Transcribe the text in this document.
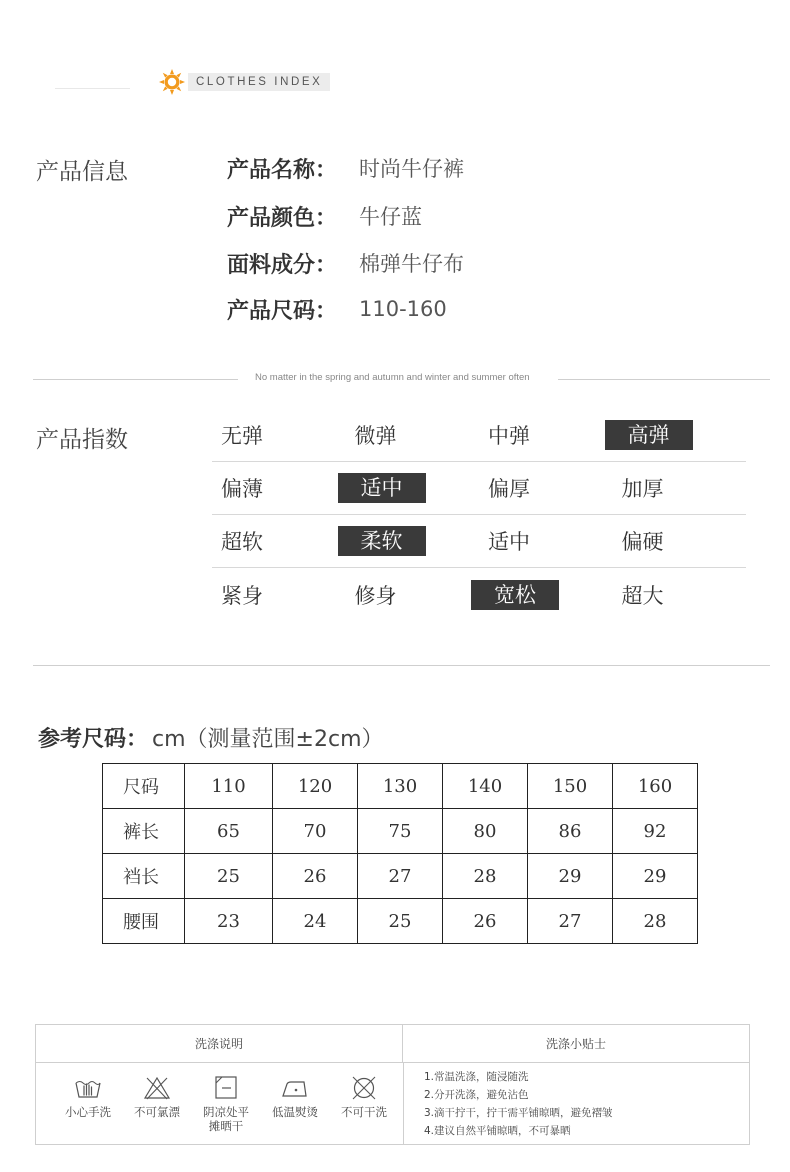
CLOTHES INDEX
产品信息	产品名称：	时尚牛仔裤
产品颜色：	牛仔蓝
面料成分：	棉弹牛仔布
产品尺码：	110-160
No matter in the spring and autumn and winter and summer often
产品指数	无弹	微弹	中弹	高弹
偏薄	适中	偏厚	加厚
超软	柔软	适中	偏硬
紧身	修身	宽松	超大
参考尺码： cm（测量范围±2cm）
尺码	110	120	130	140	150	160
裤长	65	70	75	80	86	92
裆长	25	26	27	28	29	29
腰围	23	24	25	26	27	28
洗涤说明	洗涤小贴士
小心手洗 不可氯漂 阴凉处平
摊晒干
低温熨烫 不可干洗
1.常温洗涤，随浸随洗
2.分开洗涤，避免沾色
3.滴干拧干，拧干需平铺晾晒，避免褶皱
4.建议自然平铺晾晒，不可暴晒
